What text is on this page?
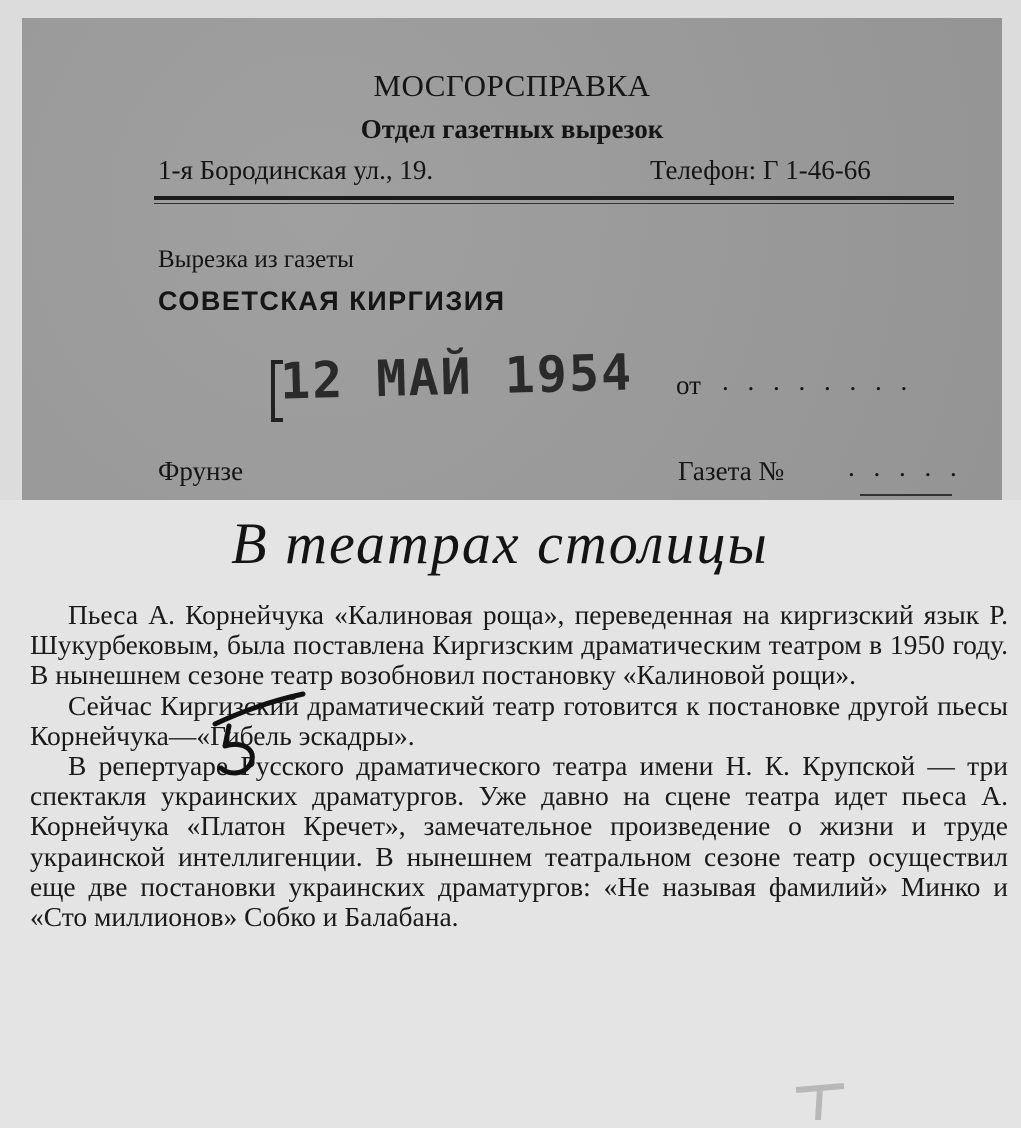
МОСГОРСПРАВКА
Отдел газетных вырезок
1-я Бородинская ул., 19.	Телефон: Г 1-46-66
Вырезка из газеты
СОВЕТСКАЯ КИРГИЗИЯ
12 МАЙ 1954 от . . . . . . . .
Фрунзе	Газета № . . . . .
В театрах столицы

Пьеса А. Корнейчука «Калиновая роща», переведенная на киргизский язык Р. Шукурбековым, была поставлена Киргизским драматическим театром в 1950 году. В нынешнем сезоне театр возобновил постановку «Калиновой рощи».

Сейчас Киргизский драматический театр готовится к постановке другой пьесы Корнейчука—«Гибель эскадры».

В репертуаре Русского драматического театра имени Н. К. Крупской — три спектакля украинских драматургов. Уже давно на сцене театра идет пьеса А. Корнейчука «Платон Кречет», замечательное произведение о жизни и труде украинской интеллигенции. В нынешнем театральном сезоне театр осуществил еще две постановки украинских драматургов: «Не называя фамилий» Минко и «Сто миллионов» Собко и Балабана.
